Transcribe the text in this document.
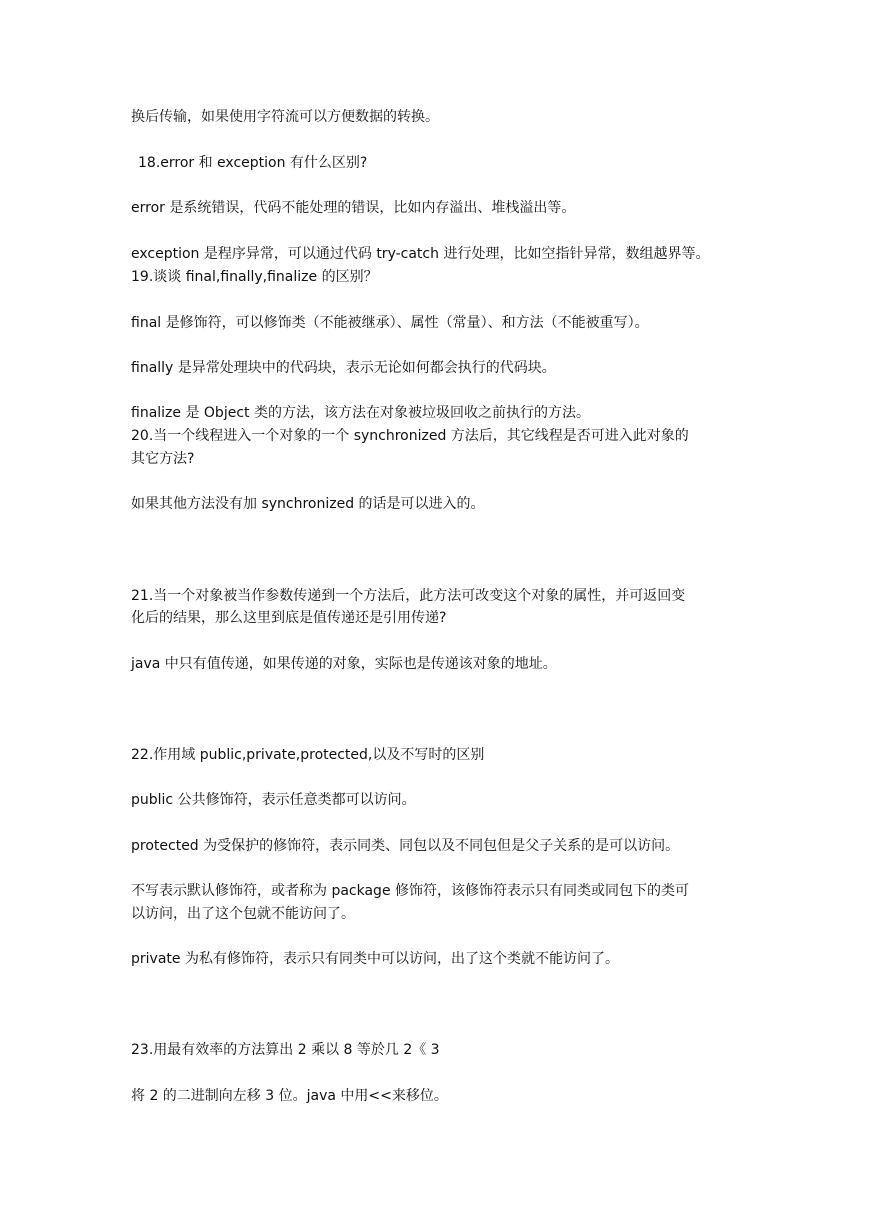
换后传输，如果使用字符流可以方便数据的转换。
18.error 和 exception 有什么区别?
error 是系统错误，代码不能处理的错误，比如内存溢出、堆栈溢出等。
exception 是程序异常，可以通过代码 try-catch 进行处理，比如空指针异常，数组越界等。
19.谈谈 final,finally,finalize 的区别？
final 是修饰符，可以修饰类（不能被继承）、属性（常量）、和方法（不能被重写）。
finally 是异常处理块中的代码块，表示无论如何都会执行的代码块。
finalize 是 Object 类的方法，该方法在对象被垃圾回收之前执行的方法。
20.当一个线程进入一个对象的一个 synchronized 方法后，其它线程是否可进入此对象的
其它方法?
如果其他方法没有加 synchronized 的话是可以进入的。
21.当一个对象被当作参数传递到一个方法后，此方法可改变这个对象的属性，并可返回变
化后的结果，那么这里到底是值传递还是引用传递?
java 中只有值传递，如果传递的对象，实际也是传递该对象的地址。
22.作用域 public,private,protected,以及不写时的区别
public 公共修饰符，表示任意类都可以访问。
protected 为受保护的修饰符，表示同类、同包以及不同包但是父子关系的是可以访问。
不写表示默认修饰符，或者称为 package 修饰符，该修饰符表示只有同类或同包下的类可
以访问，出了这个包就不能访问了。
private 为私有修饰符，表示只有同类中可以访问，出了这个类就不能访问了。
23.用最有效率的方法算出 2 乘以 8 等於几 2《 3
将 2 的二进制向左移 3 位。java 中用<<来移位。
